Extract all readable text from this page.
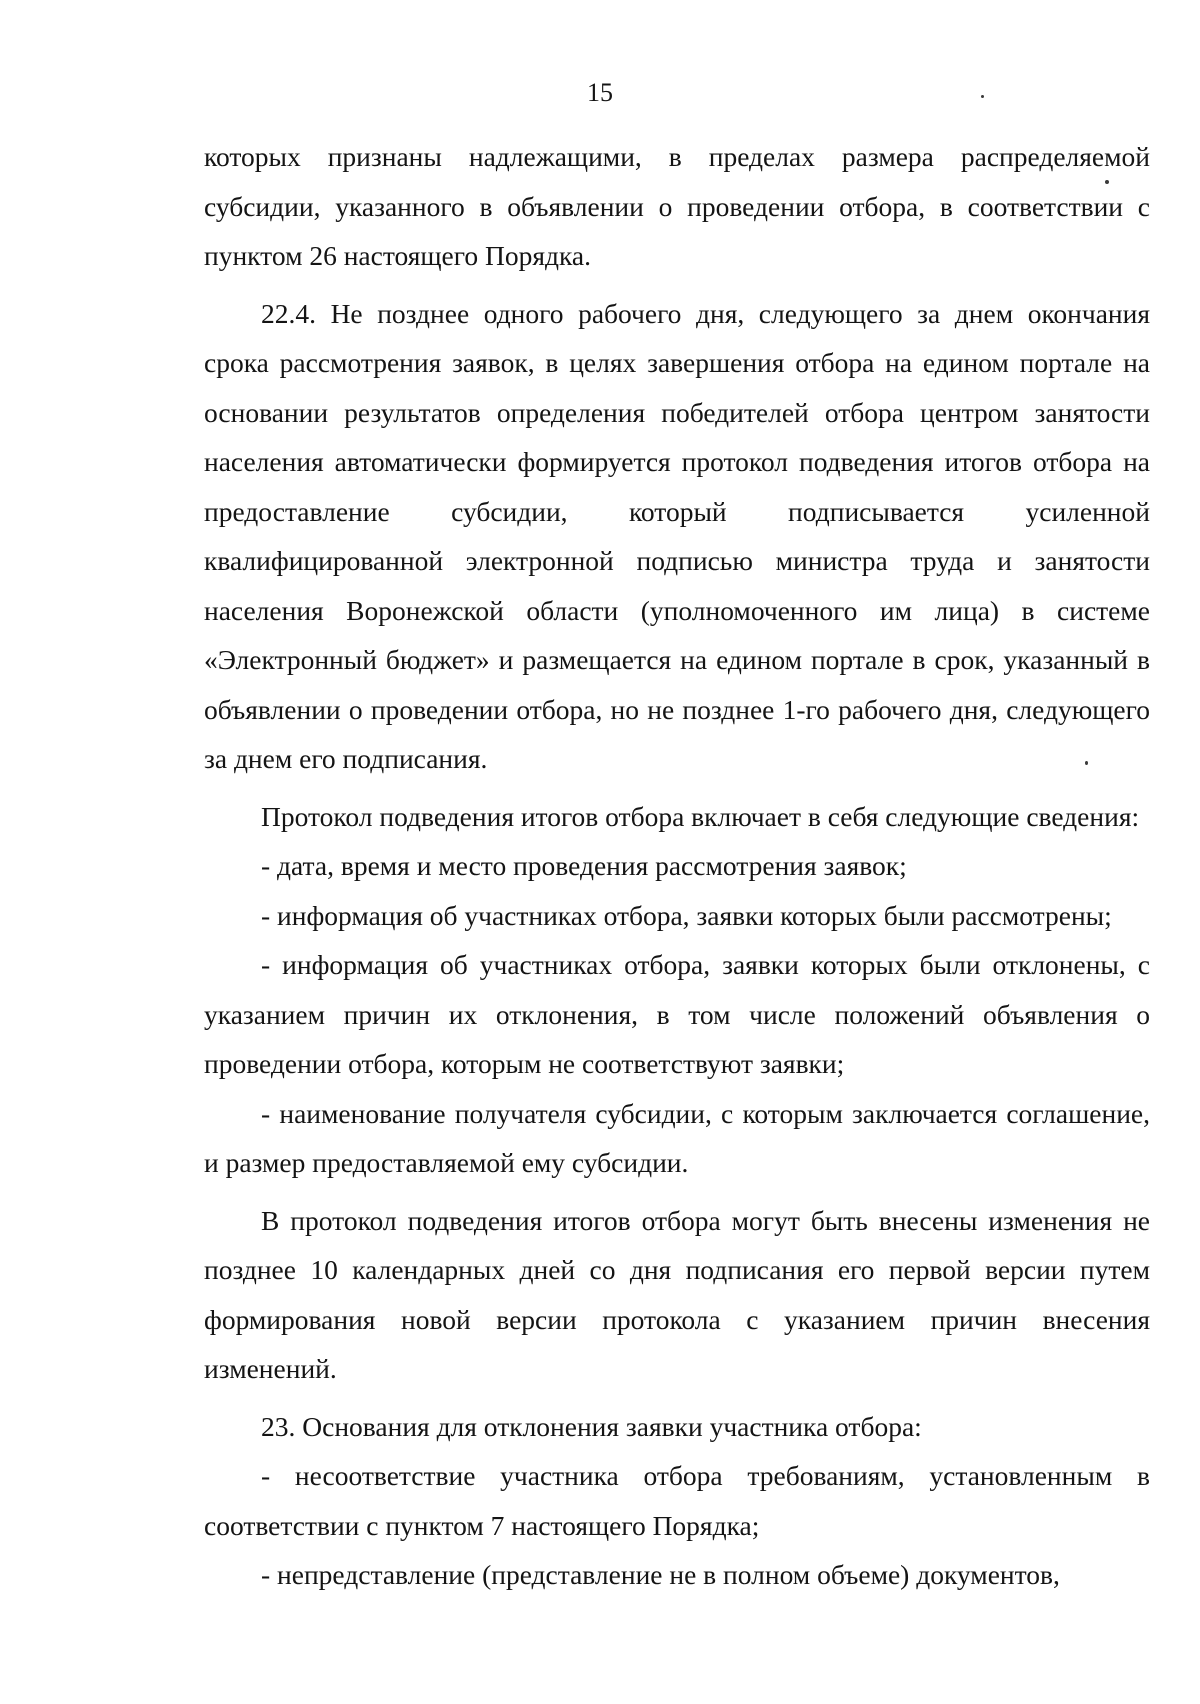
15

которых признаны надлежащими, в пределах размера распределяемой субсидии, указанного в объявлении о проведении отбора, в соответствии с пунктом 26 настоящего Порядка.

22.4. Не позднее одного рабочего дня, следующего за днем окончания срока рассмотрения заявок, в целях завершения отбора на едином портале на основании результатов определения победителей отбора центром занятости населения автоматически формируется протокол подведения итогов отбора на предоставление субсидии, который подписывается усиленной квалифицированной электронной подписью министра труда и занятости населения Воронежской области (уполномоченного им лица) в системе «Электронный бюджет» и размещается на едином портале в срок, указанный в объявлении о проведении отбора, но не позднее 1-го рабочего дня, следующего за днем его подписания.

Протокол подведения итогов отбора включает в себя следующие сведения:

- дата, время и место проведения рассмотрения заявок;

- информация об участниках отбора, заявки которых были рассмотрены;

- информация об участниках отбора, заявки которых были отклонены, с указанием причин их отклонения, в том числе положений объявления о проведении отбора, которым не соответствуют заявки;

- наименование получателя субсидии, с которым заключается соглашение, и размер предоставляемой ему субсидии.

В протокол подведения итогов отбора могут быть внесены изменения не позднее 10 календарных дней со дня подписания его первой версии путем формирования новой версии протокола с указанием причин внесения изменений.

23. Основания для отклонения заявки участника отбора:

- несоответствие участника отбора требованиям, установленным в соответствии с пунктом 7 настоящего Порядка;

- непредставление (представление не в полном объеме) документов,
